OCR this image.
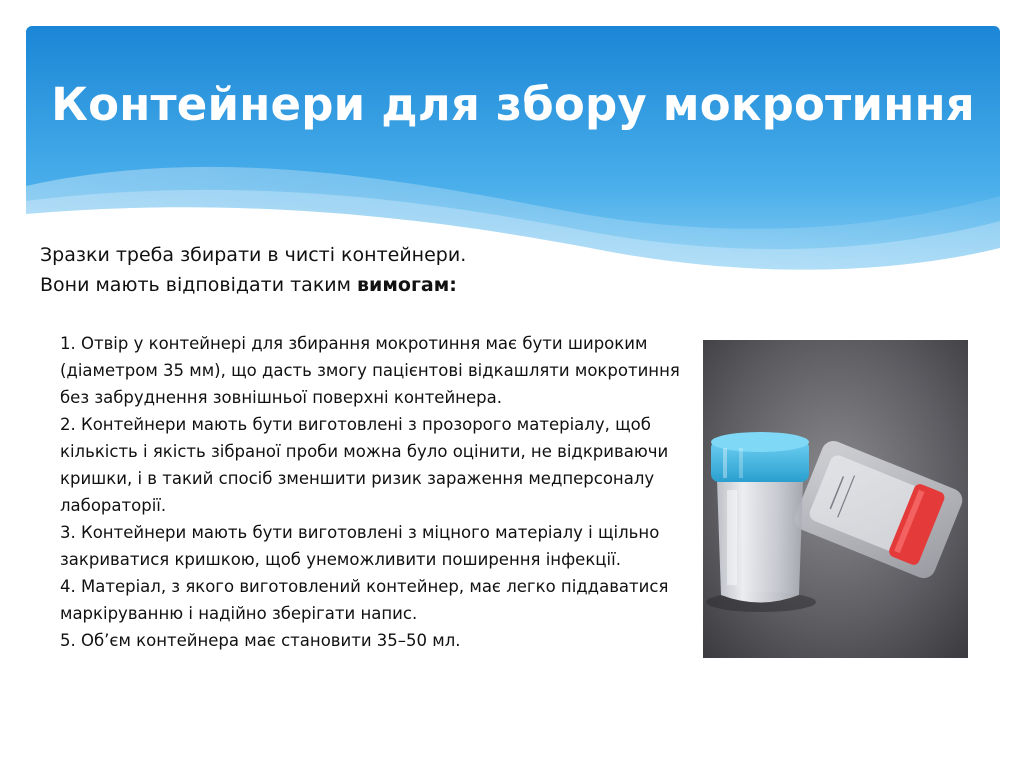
Контейнери для збору мокротиння
Зразки треба збирати в чисті контейнери.
Вони мають відповідати таким вимогам:

1. Отвір у контейнері для збирання мокротиння має бути широким (діаметром 35 мм), що дасть змогу пацієнтові відкашляти мокротиння без забруднення зовнішньої поверхні контейнера.

2. Контейнери мають бути виготовлені з прозорого матеріалу, щоб кількість і якість зібраної проби можна було оцінити, не відкриваючи кришки, і в такий спосіб зменшити ризик зараження медперсоналу лабораторії.

3. Контейнери мають бути виготовлені з міцного матеріалу і щільно закриватися кришкою, щоб унеможливити поширення інфекції.

4. Матеріал, з якого виготовлений контейнер, має легко піддаватися маркіруванню і надійно зберігати напис.

5. Об’єм контейнера має становити 35–50 мл.
